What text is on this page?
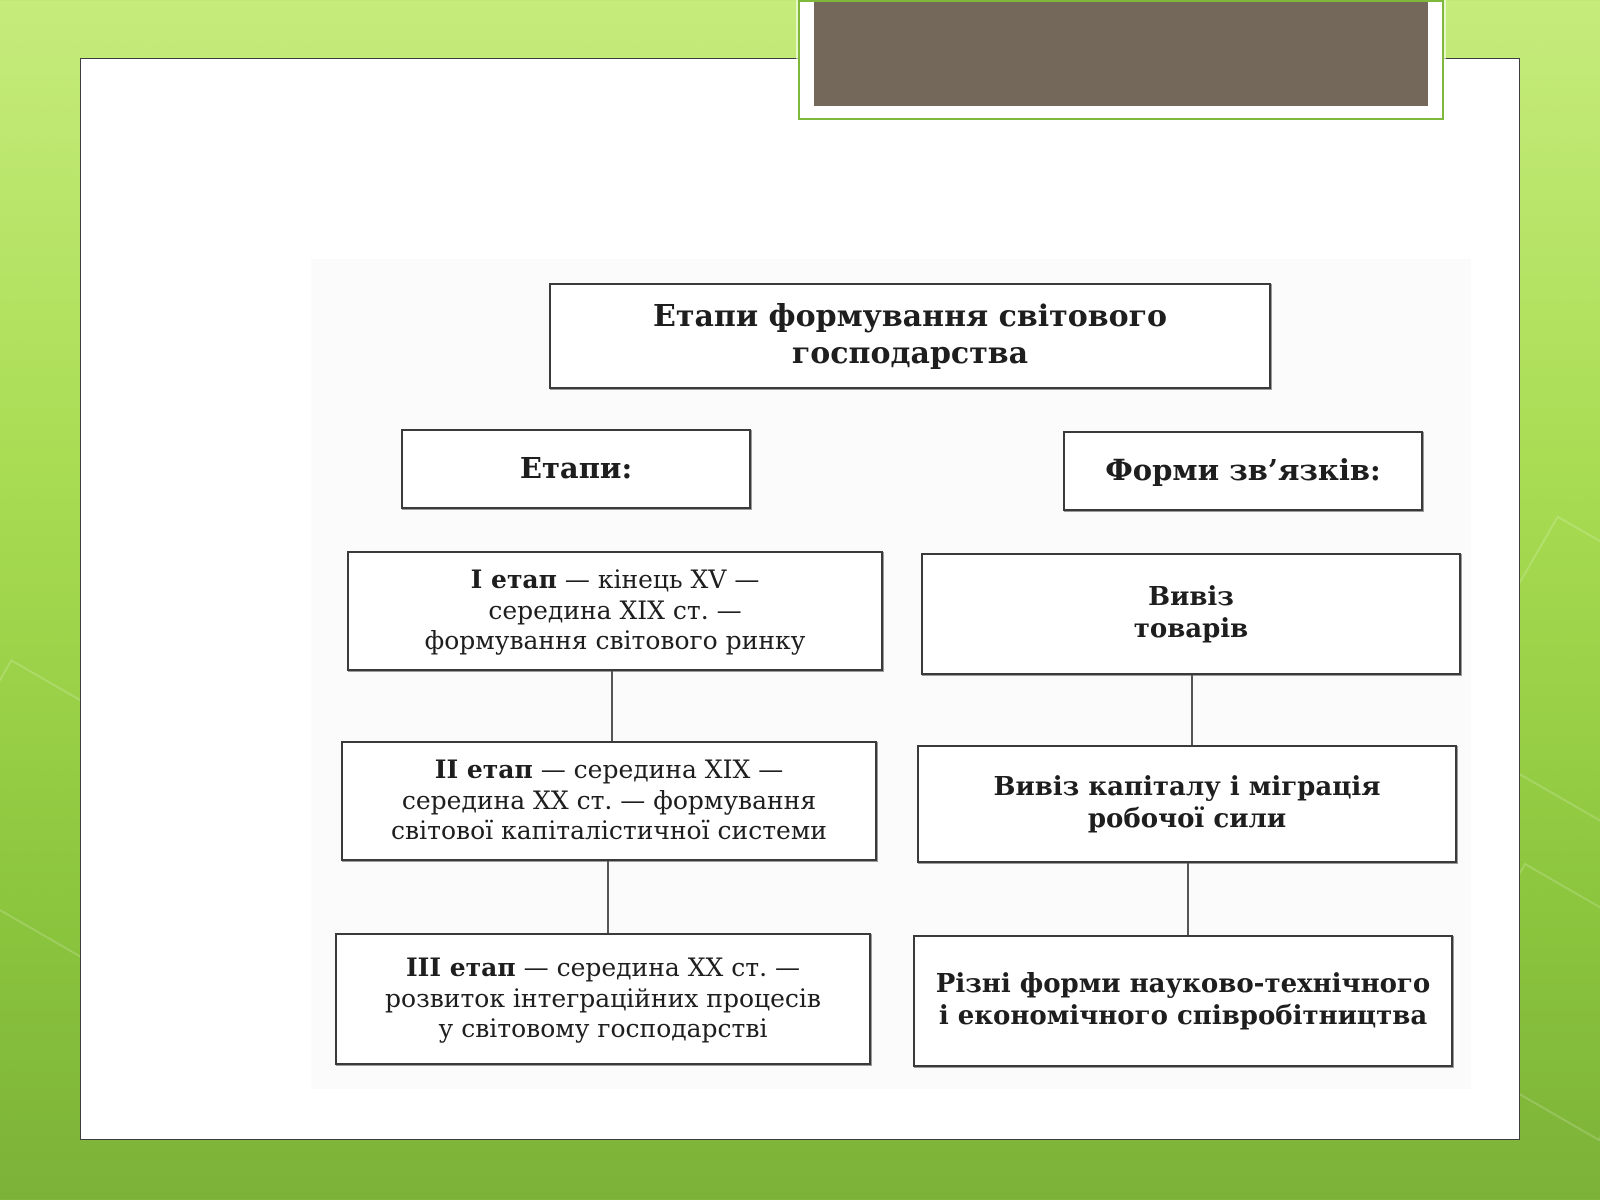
Етапи формування світового
господарства
Етапи:	Форми зв’язків:
І етап — кінець XV —
середина XIX ст. —
формування світового ринку
ІІ етап — середина XIX —
середина XX ст. — формування
світової капіталістичної системи
ІІІ етап — середина XX ст. —
розвиток інтеграційних процесів
у світовому господарстві
Вивіз
товарів
Вивіз капіталу і міграція
робочої сили
Різні форми науково-технічного
і економічного співробітництва
